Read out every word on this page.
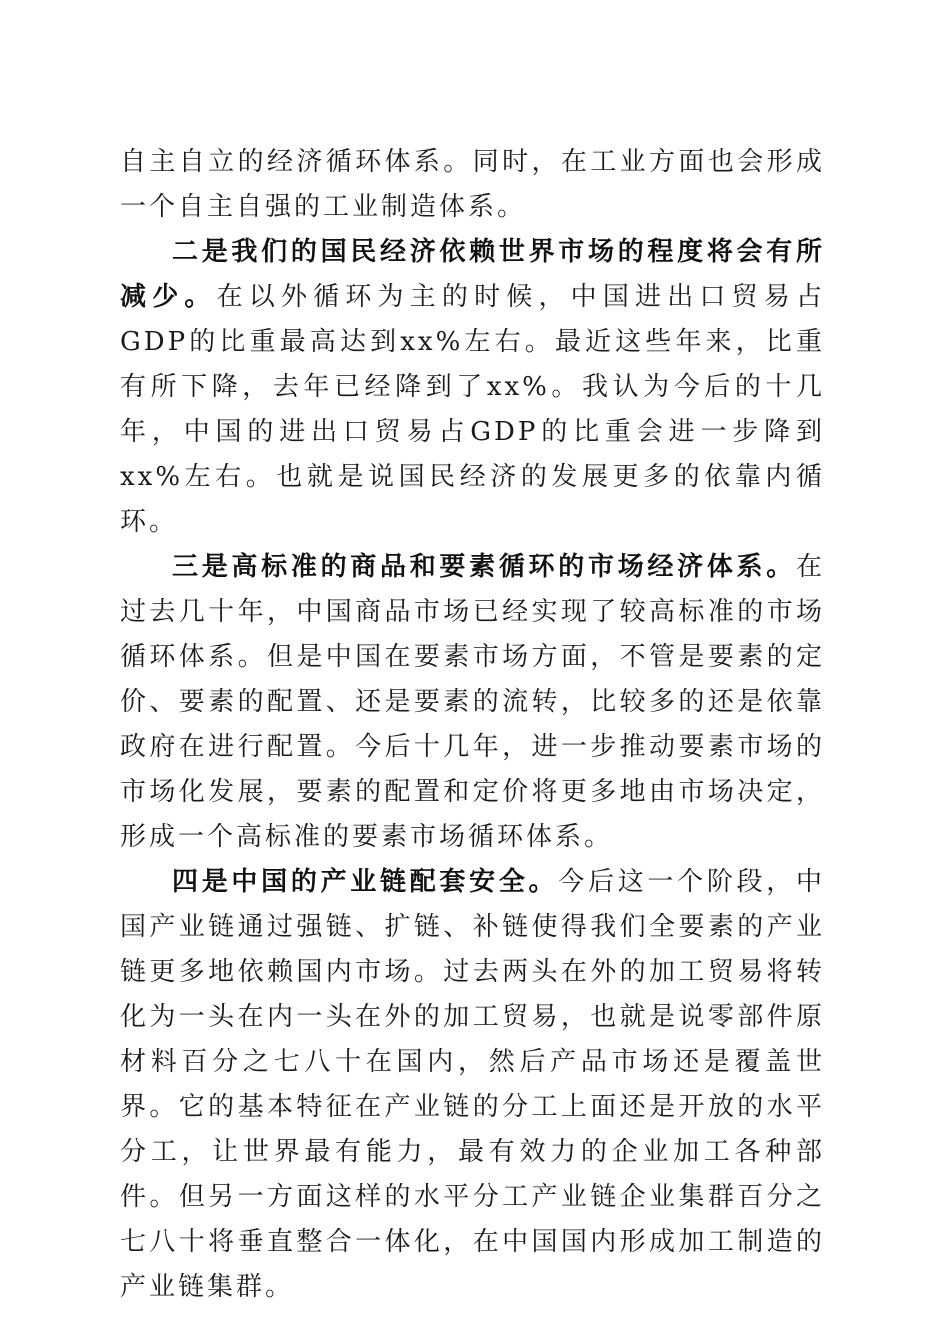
自主自立的经济循环体系。同时，在工业方面也会形成一个自主自强的工业制造体系。

二是我们的国民经济依赖世界市场的程度将会有所减少。在以外循环为主的时候，中国进出口贸易占GDP的比重最高达到xx%左右。最近这些年来，比重有所下降，去年已经降到了xx%。我认为今后的十几年，中国的进出口贸易占GDP的比重会进一步降到xx%左右。也就是说国民经济的发展更多的依靠内循环。

三是高标准的商品和要素循环的市场经济体系。在过去几十年，中国商品市场已经实现了较高标准的市场循环体系。但是中国在要素市场方面，不管是要素的定价、要素的配置、还是要素的流转，比较多的还是依靠政府在进行配置。今后十几年，进一步推动要素市场的市场化发展，要素的配置和定价将更多地由市场决定，形成一个高标准的要素市场循环体系。

四是中国的产业链配套安全。今后这一个阶段，中国产业链通过强链、扩链、补链使得我们全要素的产业链更多地依赖国内市场。过去两头在外的加工贸易将转化为一头在内一头在外的加工贸易，也就是说零部件原材料百分之七八十在国内，然后产品市场还是覆盖世界。它的基本特征在产业链的分工上面还是开放的水平分工，让世界最有能力，最有效力的企业加工各种部件。但另一方面这样的水平分工产业链企业集群百分之七八十将垂直整合一体化，在中国国内形成加工制造的产业链集群。
